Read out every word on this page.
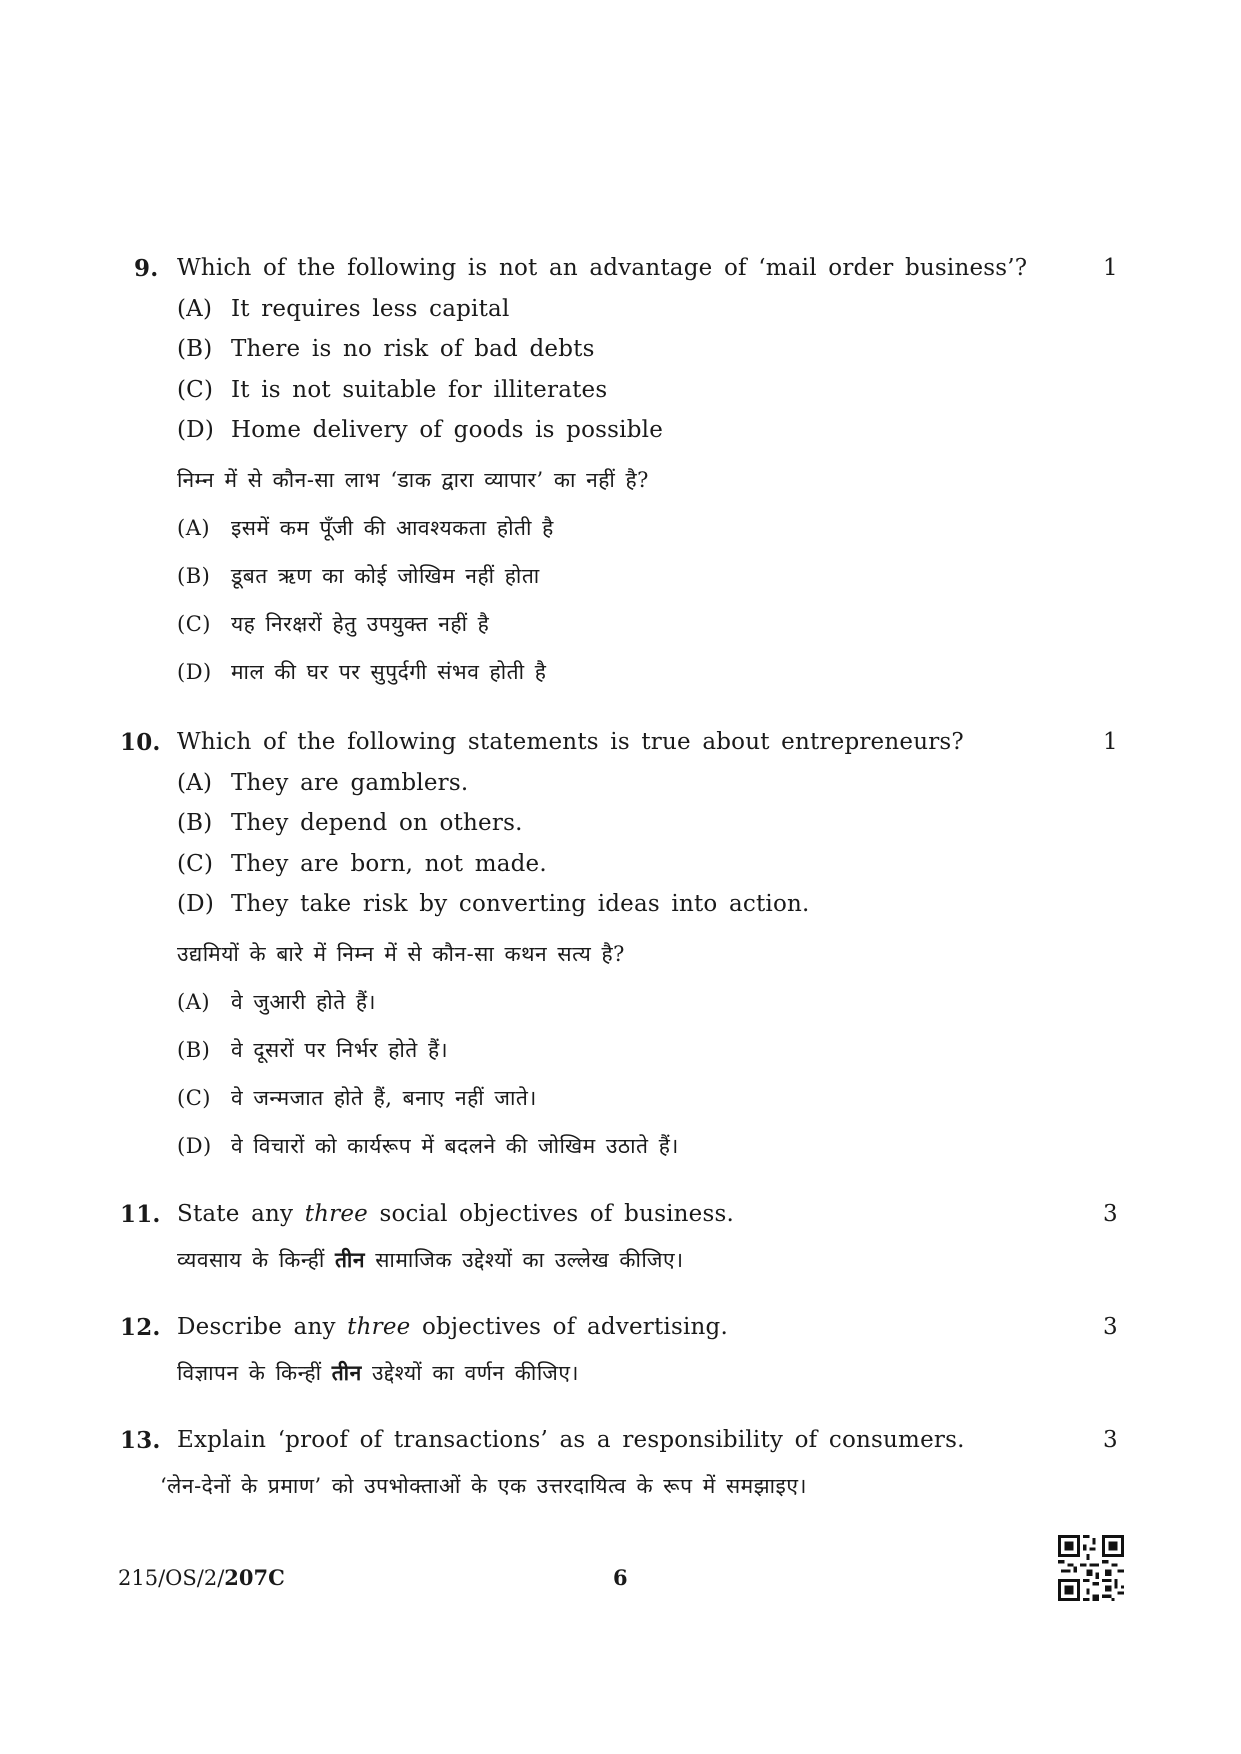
9. Which of the following is not an advantage of ‘mail order business’?	1
(A) It requires less capital
(B) There is no risk of bad debts
(C) It is not suitable for illiterates
(D) Home delivery of goods is possible
निम्न में से कौन-सा लाभ ‘डाक द्वारा व्यापार’ का नहीं है?
(A) इसमें कम पूँजी की आवश्यकता होती है
(B) डूबत ऋण का कोई जोखिम नहीं होता
(C) यह निरक्षरों हेतु उपयुक्त नहीं है
(D) माल की घर पर सुपुर्दगी संभव होती है
10. Which of the following statements is true about entrepreneurs?	1
(A) They are gamblers.
(B) They depend on others.
(C) They are born, not made.
(D) They take risk by converting ideas into action.
उद्यमियों के बारे में निम्न में से कौन-सा कथन सत्य है?
(A) वे जुआरी होते हैं।
(B) वे दूसरों पर निर्भर होते हैं।
(C) वे जन्मजात होते हैं, बनाए नहीं जाते।
(D) वे विचारों को कार्यरूप में बदलने की जोखिम उठाते हैं।
11. State any three social objectives of business.	3
व्यवसाय के किन्हीं तीन सामाजिक उद्देश्यों का उल्लेख कीजिए।
12. Describe any three objectives of advertising.	3
विज्ञापन के किन्हीं तीन उद्देश्यों का वर्णन कीजिए।
13. Explain ‘proof of transactions’ as a responsibility of consumers.	3
‘लेन-देनों के प्रमाण’ को उपभोक्ताओं के एक उत्तरदायित्व के रूप में समझाइए।
215/OS/2/207C	6
